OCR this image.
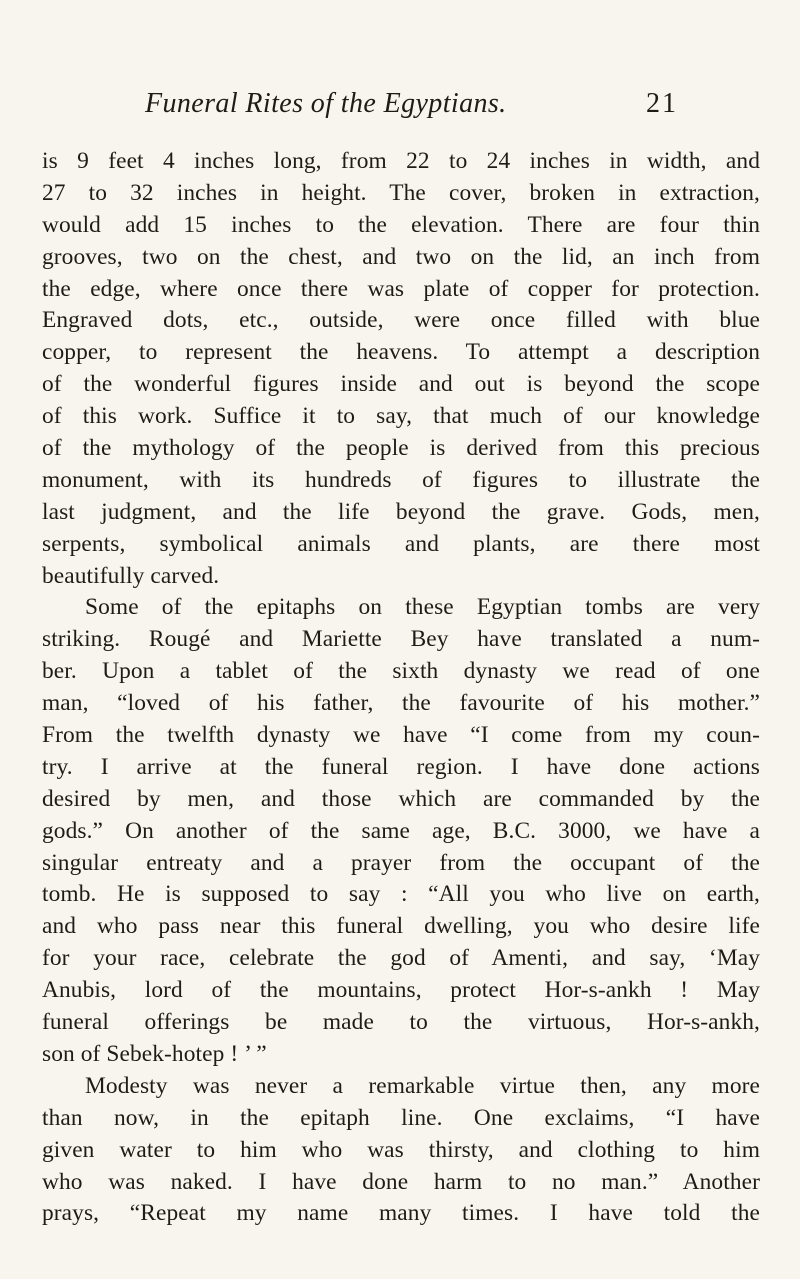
Funeral Rites of the Egyptians.	21
is 9 feet 4 inches long, from 22 to 24 inches in width, and
27 to 32 inches in height. The cover, broken in extraction,
would add 15 inches to the elevation. There are four thin
grooves, two on the chest, and two on the lid, an inch from
the edge, where once there was plate of copper for protection.
Engraved dots, etc., outside, were once filled with blue
copper, to represent the heavens. To attempt a description
of the wonderful figures inside and out is beyond the scope
of this work. Suffice it to say, that much of our knowledge
of the mythology of the people is derived from this precious
monument, with its hundreds of figures to illustrate the
last judgment, and the life beyond the grave. Gods, men,
serpents, symbolical animals and plants, are there most
beautifully carved.
Some of the epitaphs on these Egyptian tombs are very
striking. Rougé and Mariette Bey have translated a num-
ber. Upon a tablet of the sixth dynasty we read of one
man, “loved of his father, the favourite of his mother.”
From the twelfth dynasty we have “I come from my coun-
try. I arrive at the funeral region. I have done actions
desired by men, and those which are commanded by the
gods.” On another of the same age, B.C. 3000, we have a
singular entreaty and a prayer from the occupant of the
tomb. He is supposed to say : “All you who live on earth,
and who pass near this funeral dwelling, you who desire life
for your race, celebrate the god of Amenti, and say, ‘May
Anubis, lord of the mountains, protect Hor-s-ankh ! May
funeral offerings be made to the virtuous, Hor-s-ankh,
son of Sebek-hotep ! ’ ”
Modesty was never a remarkable virtue then, any more
than now, in the epitaph line. One exclaims, “I have
given water to him who was thirsty, and clothing to him
who was naked. I have done harm to no man.” Another
prays, “Repeat my name many times. I have told the
